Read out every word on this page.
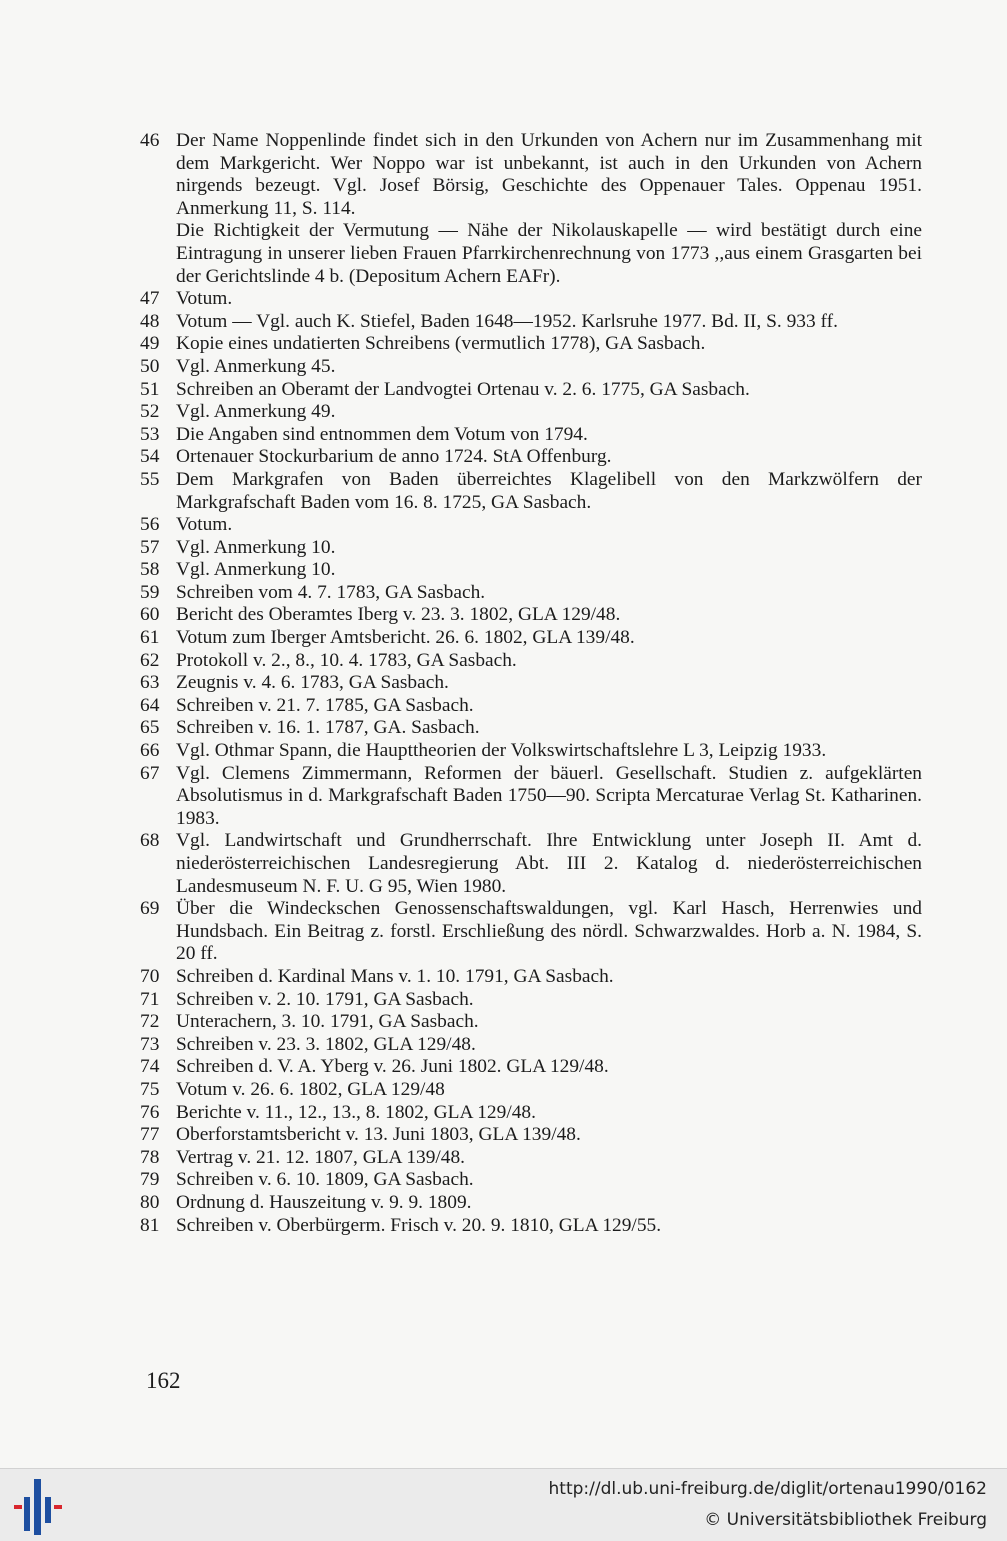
46 Der Name Noppenlinde findet sich in den Urkunden von Achern nur im Zusammenhang mit dem Markgericht. Wer Noppo war ist unbekannt, ist auch in den Urkunden von Achern nirgends bezeugt. Vgl. Josef Börsig, Geschichte des Oppenauer Tales. Oppenau 1951. Anmerkung 11, S. 114.
Die Richtigkeit der Vermutung — Nähe der Nikolauskapelle — wird bestätigt durch eine Eintragung in unserer lieben Frauen Pfarrkirchenrechnung von 1773 ,,aus einem Grasgarten bei der Gerichtslinde 4 b. (Depositum Achern EAFr).
47 Votum.
48 Votum — Vgl. auch K. Stiefel, Baden 1648—1952. Karlsruhe 1977. Bd. II, S. 933 ff.
49 Kopie eines undatierten Schreibens (vermutlich 1778), GA Sasbach.
50 Vgl. Anmerkung 45.
51 Schreiben an Oberamt der Landvogtei Ortenau v. 2. 6. 1775, GA Sasbach.
52 Vgl. Anmerkung 49.
53 Die Angaben sind entnommen dem Votum von 1794.
54 Ortenauer Stockurbarium de anno 1724. StA Offenburg.
55 Dem Markgrafen von Baden überreichtes Klagelibell von den Markzwölfern der Markgrafschaft Baden vom 16. 8. 1725, GA Sasbach.
56 Votum.
57 Vgl. Anmerkung 10.
58 Vgl. Anmerkung 10.
59 Schreiben vom 4. 7. 1783, GA Sasbach.
60 Bericht des Oberamtes Iberg v. 23. 3. 1802, GLA 129/48.
61 Votum zum Iberger Amtsbericht. 26. 6. 1802, GLA 139/48.
62 Protokoll v. 2., 8., 10. 4. 1783, GA Sasbach.
63 Zeugnis v. 4. 6. 1783, GA Sasbach.
64 Schreiben v. 21. 7. 1785, GA Sasbach.
65 Schreiben v. 16. 1. 1787, GA. Sasbach.
66 Vgl. Othmar Spann, die Haupttheorien der Volkswirtschaftslehre L 3, Leipzig 1933.
67 Vgl. Clemens Zimmermann, Reformen der bäuerl. Gesellschaft. Studien z. aufgeklärten Absolutismus in d. Markgrafschaft Baden 1750—90. Scripta Mercaturae Verlag St. Katharinen. 1983.
68 Vgl. Landwirtschaft und Grundherrschaft. Ihre Entwicklung unter Joseph II. Amt d. niederösterreichischen Landesregierung Abt. III 2. Katalog d. niederösterreichischen Landesmuseum N. F. U. G 95, Wien 1980.
69 Über die Windeckschen Genossenschaftswaldungen, vgl. Karl Hasch, Herrenwies und Hundsbach. Ein Beitrag z. forstl. Erschließung des nördl. Schwarzwaldes. Horb a. N. 1984, S. 20 ff.
70 Schreiben d. Kardinal Mans v. 1. 10. 1791, GA Sasbach.
71 Schreiben v. 2. 10. 1791, GA Sasbach.
72 Unterachern, 3. 10. 1791, GA Sasbach.
73 Schreiben v. 23. 3. 1802, GLA 129/48.
74 Schreiben d. V. A. Yberg v. 26. Juni 1802. GLA 129/48.
75 Votum v. 26. 6. 1802, GLA 129/48
76 Berichte v. 11., 12., 13., 8. 1802, GLA 129/48.
77 Oberforstamtsbericht v. 13. Juni 1803, GLA 139/48.
78 Vertrag v. 21. 12. 1807, GLA 139/48.
79 Schreiben v. 6. 10. 1809, GA Sasbach.
80 Ordnung d. Hauszeitung v. 9. 9. 1809.
81 Schreiben v. Oberbürgerm. Frisch v. 20. 9. 1810, GLA 129/55.
162
http://dl.ub.uni-freiburg.de/diglit/ortenau1990/0162
© Universitätsbibliothek Freiburg
